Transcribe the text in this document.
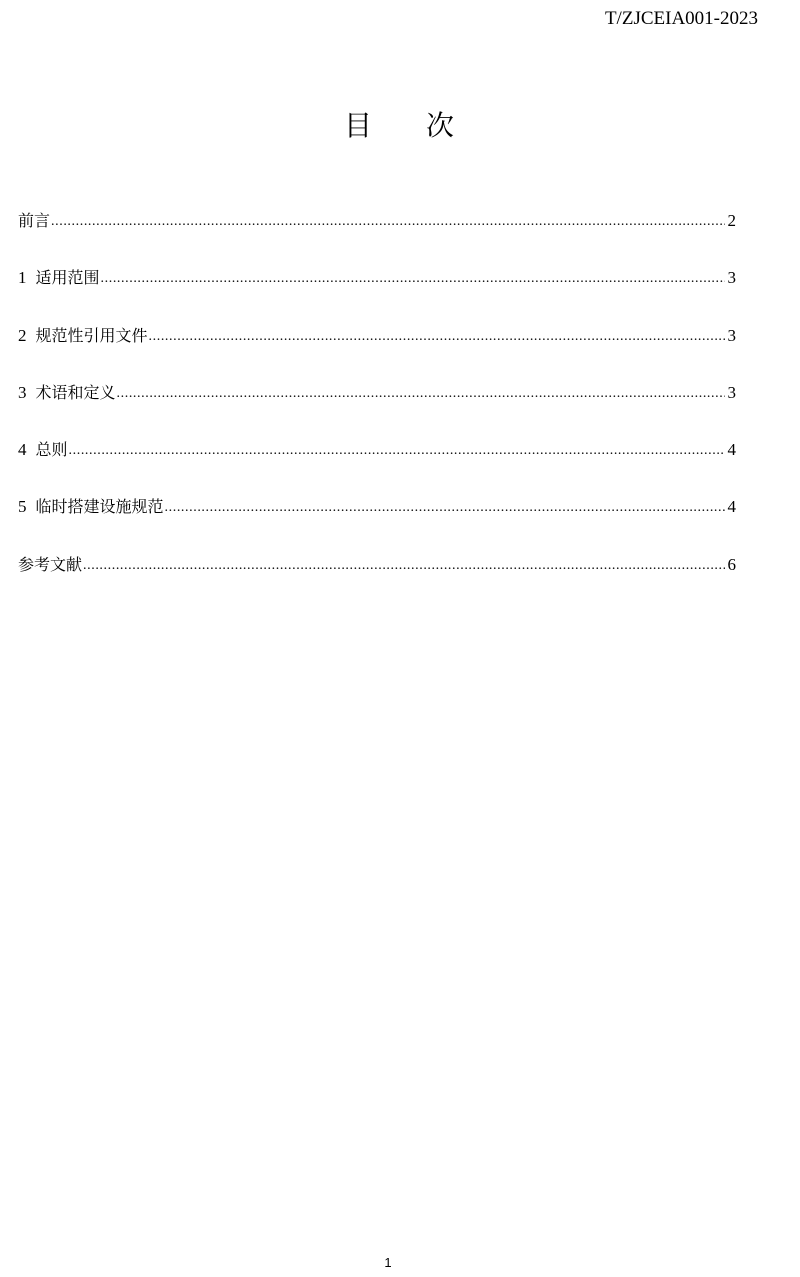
T/ZJCEIA001-2023
目 次
前言 .....	2
1 适用范围 .....	3
2 规范性引用文件 .....	3
3 术语和定义 .....	3
4 总则 .....	4
5 临时搭建设施规范 .....	4
参考文献 .....	6
1
